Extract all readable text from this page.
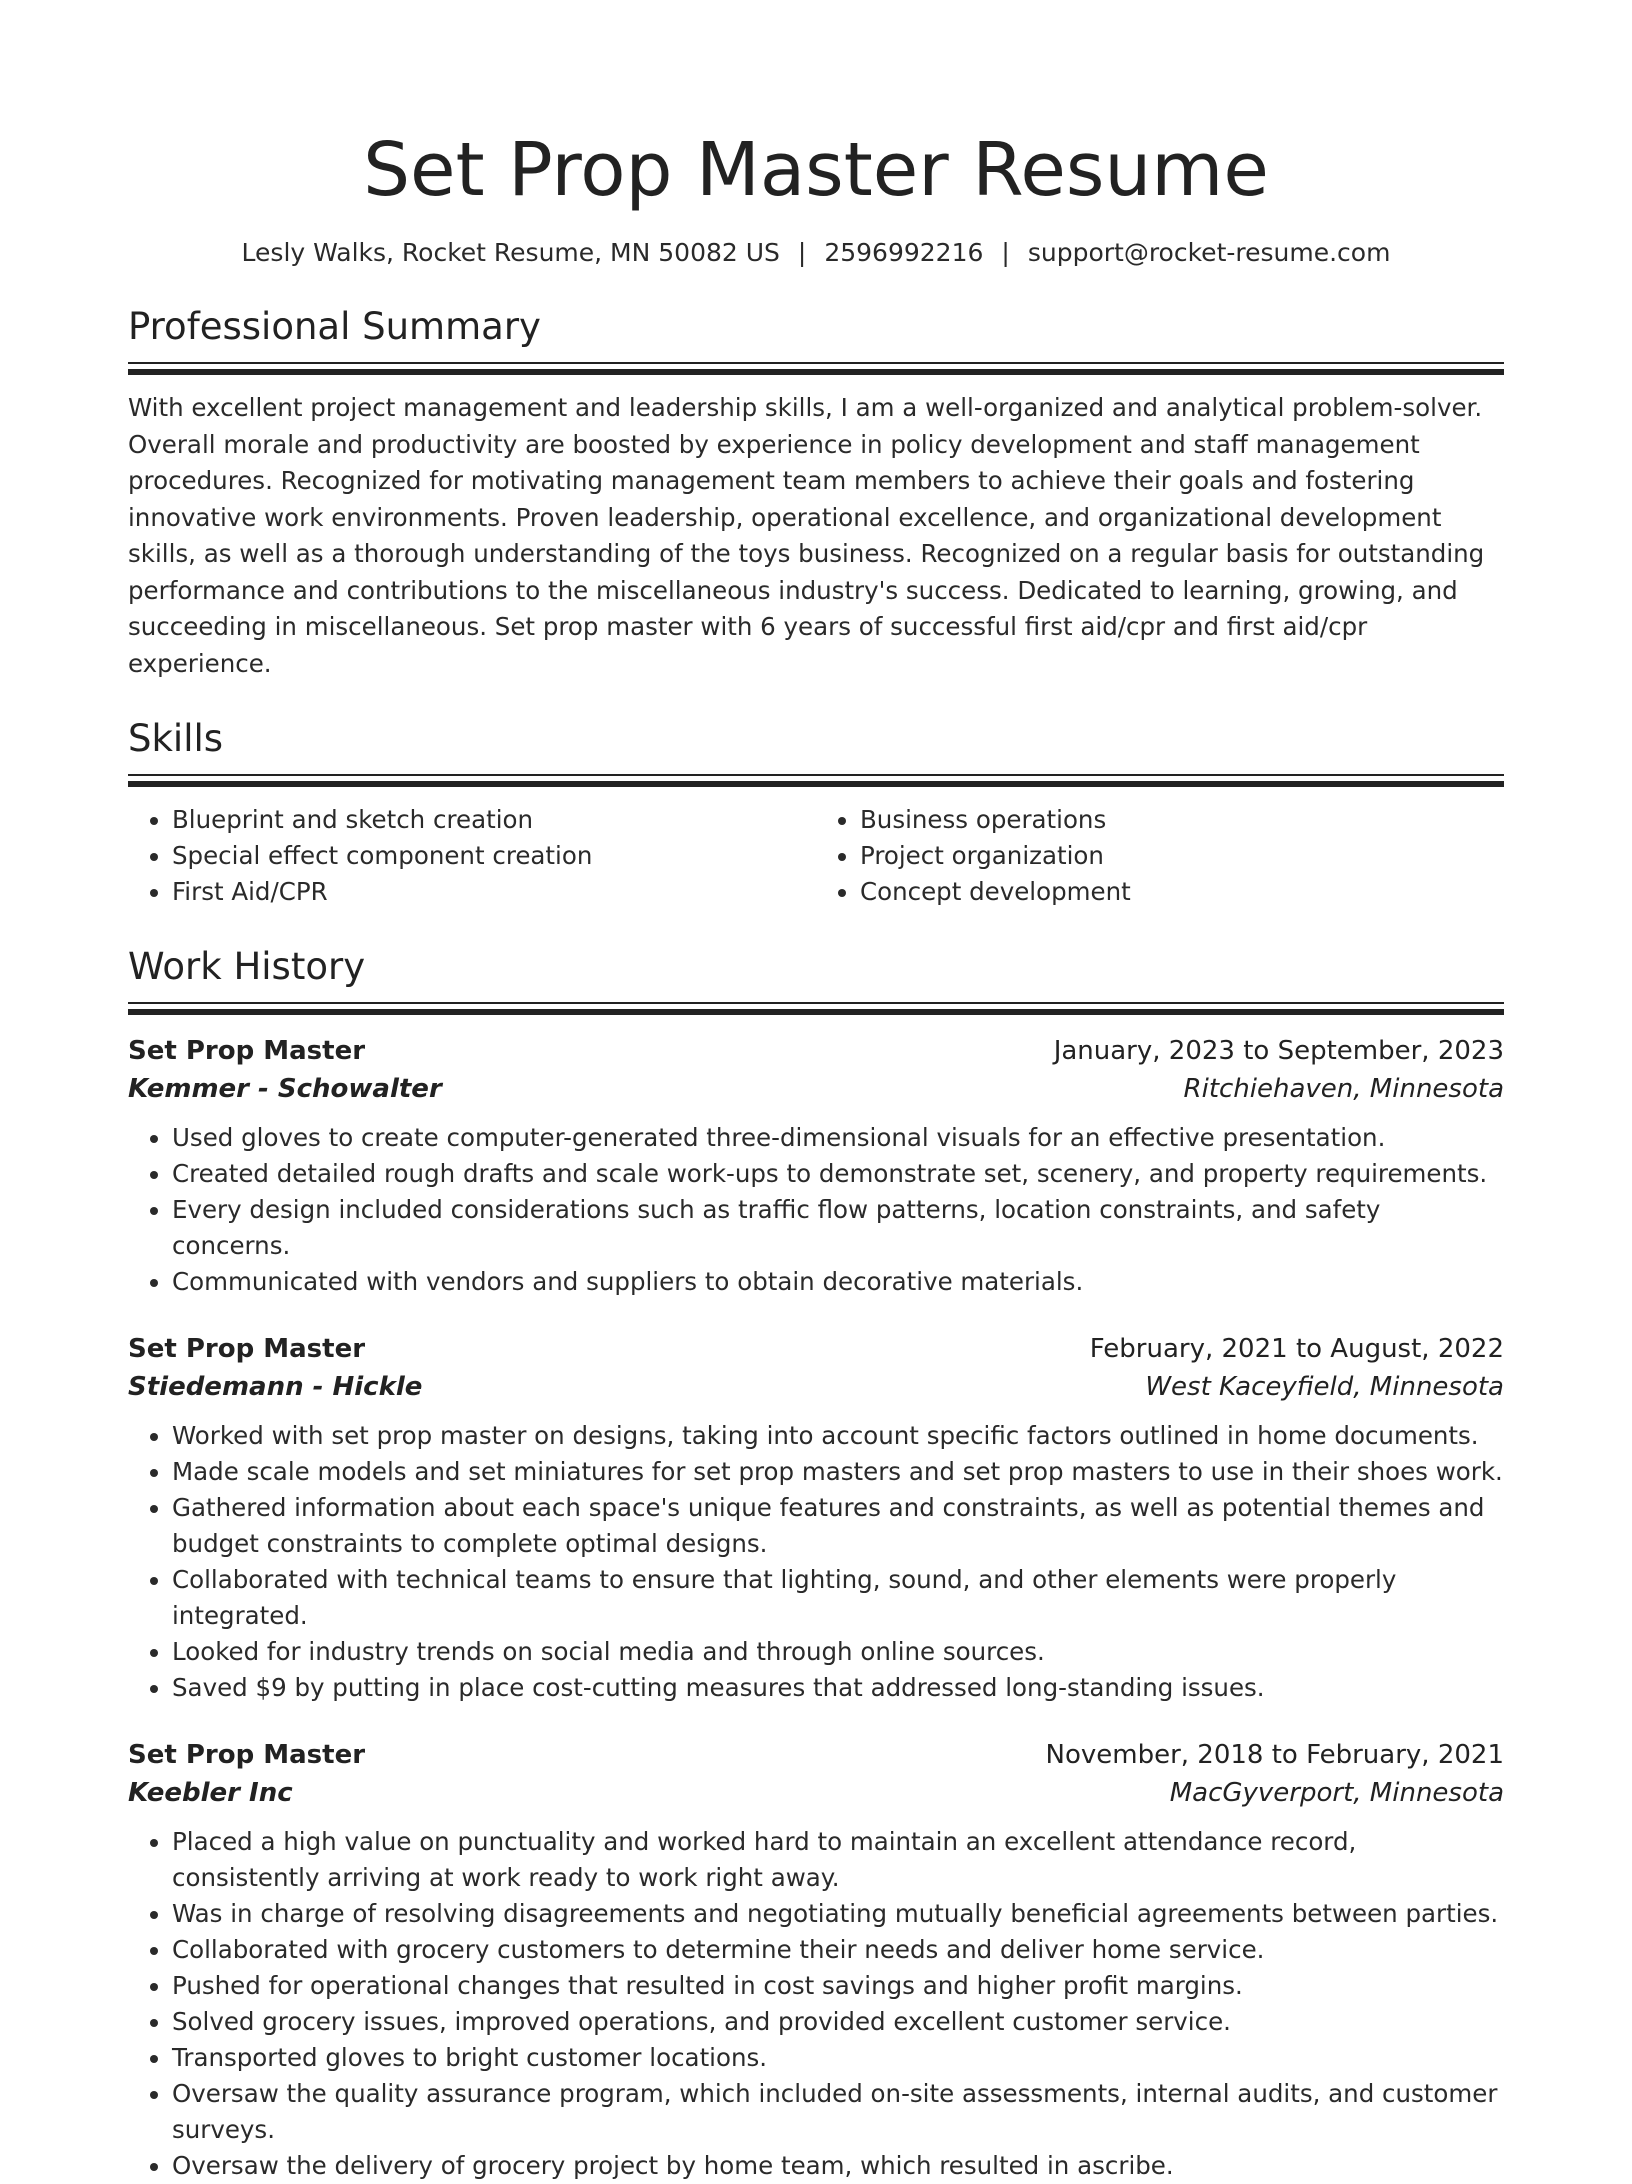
Set Prop Master Resume
Lesly Walks, Rocket Resume, MN 50082 US | 2596992216 | support@rocket-resume.com
Professional Summary
With excellent project management and leadership skills, I am a well-organized and analytical problem-solver. Overall morale and productivity are boosted by experience in policy development and staff management procedures. Recognized for motivating management team members to achieve their goals and fostering innovative work environments. Proven leadership, operational excellence, and organizational development skills, as well as a thorough understanding of the toys business. Recognized on a regular basis for outstanding performance and contributions to the miscellaneous industry's success. Dedicated to learning, growing, and succeeding in miscellaneous. Set prop master with 6 years of successful first aid/cpr and first aid/cpr experience.
Skills
• Blueprint and sketch creation
• Special effect component creation
• First Aid/CPR
• Business operations
• Project organization
• Concept development
Work History
Set Prop Master	January, 2023 to September, 2023
Kemmer - Schowalter	Ritchiehaven, Minnesota
• Used gloves to create computer-generated three-dimensional visuals for an effective presentation.
• Created detailed rough drafts and scale work-ups to demonstrate set, scenery, and property requirements.
• Every design included considerations such as traffic flow patterns, location constraints, and safety concerns.
• Communicated with vendors and suppliers to obtain decorative materials.
Set Prop Master	February, 2021 to August, 2022
Stiedemann - Hickle	West Kaceyfield, Minnesota
• Worked with set prop master on designs, taking into account specific factors outlined in home documents.
• Made scale models and set miniatures for set prop masters and set prop masters to use in their shoes work.
• Gathered information about each space's unique features and constraints, as well as potential themes and budget constraints to complete optimal designs.
• Collaborated with technical teams to ensure that lighting, sound, and other elements were properly integrated.
• Looked for industry trends on social media and through online sources.
• Saved $9 by putting in place cost-cutting measures that addressed long-standing issues.
Set Prop Master	November, 2018 to February, 2021
Keebler Inc	MacGyverport, Minnesota
• Placed a high value on punctuality and worked hard to maintain an excellent attendance record, consistently arriving at work ready to work right away.
• Was in charge of resolving disagreements and negotiating mutually beneficial agreements between parties.
• Collaborated with grocery customers to determine their needs and deliver home service.
• Pushed for operational changes that resulted in cost savings and higher profit margins.
• Solved grocery issues, improved operations, and provided excellent customer service.
• Transported gloves to bright customer locations.
• Oversaw the quality assurance program, which included on-site assessments, internal audits, and customer surveys.
• Oversaw the delivery of grocery project by home team, which resulted in ascribe.
